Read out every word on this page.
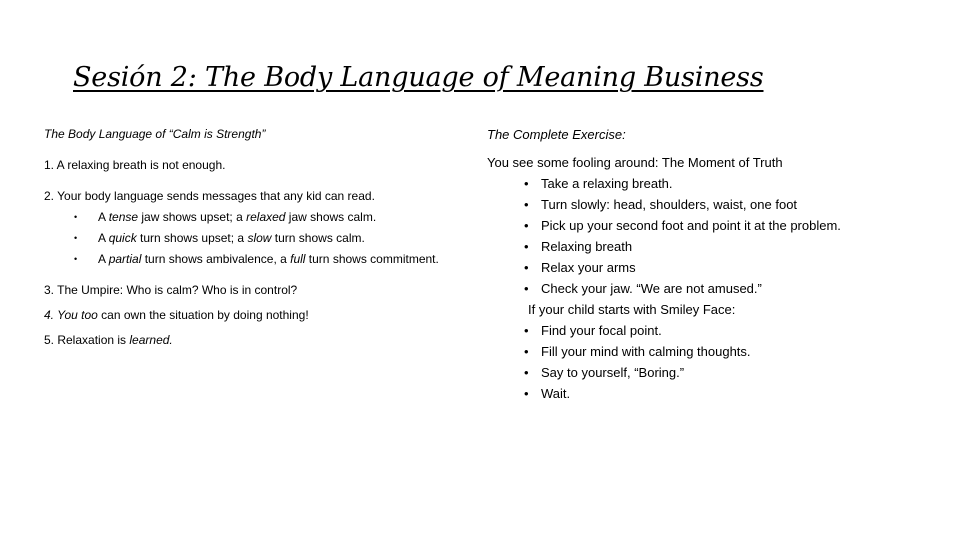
Sesión 2: The Body Language of Meaning Business

The Body Language of “Calm is Strength”

1. A relaxing breath is not enough.

2. Your body language sends messages that any kid can read.

• A tense jaw shows upset; a relaxed jaw shows calm.
• A quick turn shows upset; a slow turn shows calm.
• A partial turn shows ambivalence, a full turn shows commitment.

3. The Umpire: Who is calm? Who is in control?

4. You too can own the situation by doing nothing!

5. Relaxation is learned.

The Complete Exercise:

You see some fooling around: The Moment of Truth

• Take a relaxing breath.
• Turn slowly: head, shoulders, waist, one foot
• Pick up your second foot and point it at the problem.
• Relaxing breath
• Relax your arms
• Check your jaw. “We are not amused.”

If your child starts with Smiley Face:

• Find your focal point.
• Fill your mind with calming thoughts.
• Say to yourself, “Boring.”
• Wait.
